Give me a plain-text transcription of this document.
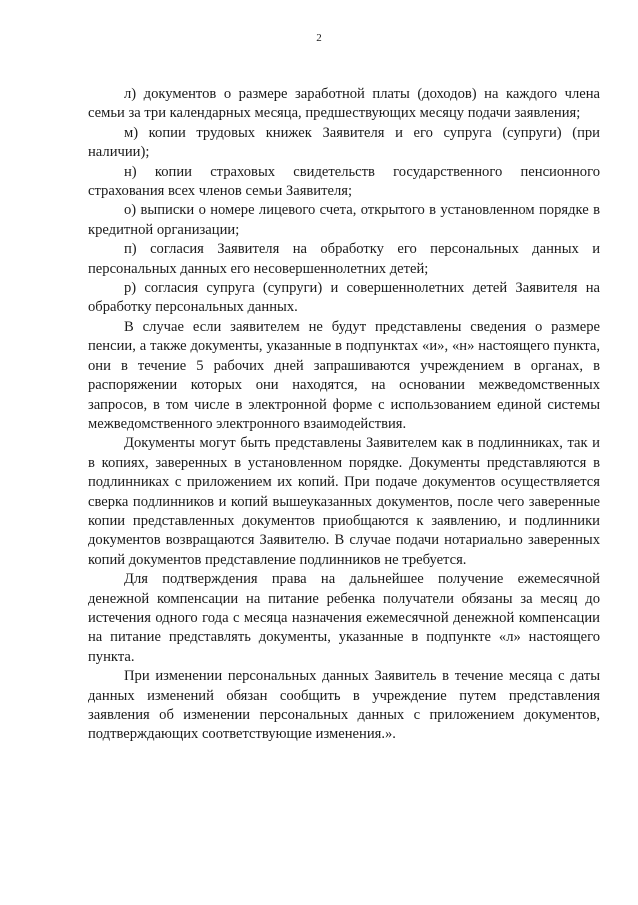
2

л) документов о размере заработной платы (доходов) на каждого члена семьи за три календарных месяца, предшествующих месяцу подачи заявления;

м) копии трудовых книжек Заявителя и его супруга (супруги) (при наличии);

н) копии страховых свидетельств государственного пенсионного страхования всех членов семьи Заявителя;

о) выписки о номере лицевого счета, открытого в установленном порядке в кредитной организации;

п) согласия Заявителя на обработку его персональных данных и персональных данных его несовершеннолетних детей;

р) согласия супруга (супруги) и совершеннолетних детей Заявителя на обработку персональных данных.

В случае если заявителем не будут представлены сведения о размере пенсии, а также документы, указанные в подпунктах «и», «н» настоящего пункта, они в течение 5 рабочих дней запрашиваются учреждением в органах, в распоряжении которых они находятся, на основании межведомственных запросов, в том числе в электронной форме с использованием единой системы межведомственного электронного взаимодействия.

Документы могут быть представлены Заявителем как в подлинниках, так и в копиях, заверенных в установленном порядке. Документы представляются в подлинниках с приложением их копий. При подаче документов осуществляется сверка подлинников и копий вышеуказанных документов, после чего заверенные копии представленных документов приобщаются к заявлению, и подлинники документов возвращаются Заявителю. В случае подачи нотариально заверенных копий документов представление подлинников не требуется.

Для подтверждения права на дальнейшее получение ежемесячной денежной компенсации на питание ребенка получатели обязаны за месяц до истечения одного года с месяца назначения ежемесячной денежной компенсации на питание представлять документы, указанные в подпункте «л» настоящего пункта.

При изменении персональных данных Заявитель в течение месяца с даты данных изменений обязан сообщить в учреждение путем представления заявления об изменении персональных данных с приложением документов, подтверждающих соответствующие изменения.».
